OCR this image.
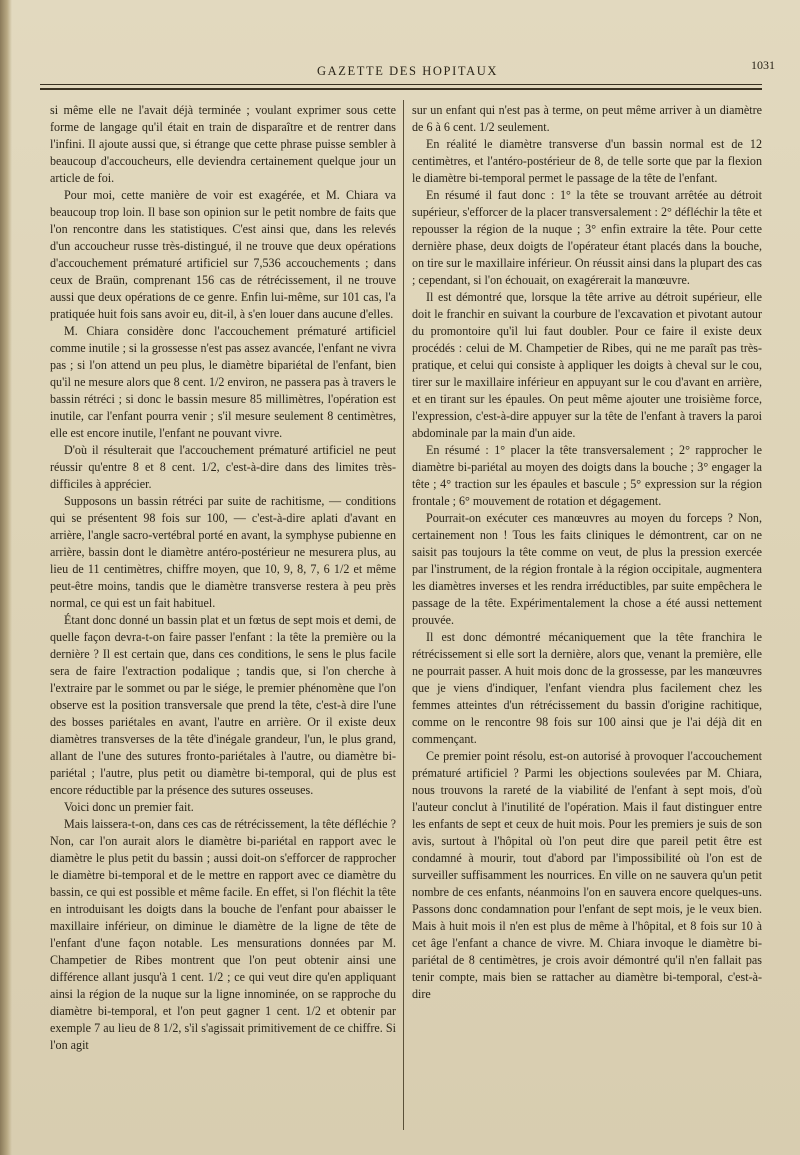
GAZETTE DES HOPITAUX	1031

si même elle ne l'avait déjà terminée ; voulant exprimer sous cette forme de langage qu'il était en train de disparaître et de rentrer dans l'infini. Il ajoute aussi que, si étrange que cette phrase puisse sembler à beaucoup d'accoucheurs, elle deviendra certainement quelque jour un article de foi.

Pour moi, cette manière de voir est exagérée, et M. Chiara va beaucoup trop loin. Il base son opinion sur le petit nombre de faits que l'on rencontre dans les statistiques. C'est ainsi que, dans les relevés d'un accoucheur russe très-distingué, il ne trouve que deux opérations d'accouchement prématuré artificiel sur 7,536 accouchements ; dans ceux de Braün, comprenant 156 cas de rétrécissement, il ne trouve aussi que deux opérations de ce genre. Enfin lui-même, sur 101 cas, l'a pratiquée huit fois sans avoir eu, dit-il, à s'en louer dans aucune d'elles.

M. Chiara considère donc l'accouchement prématuré artificiel comme inutile ; si la grossesse n'est pas assez avancée, l'enfant ne vivra pas ; si l'on attend un peu plus, le diamètre bipariétal de l'enfant, bien qu'il ne mesure alors que 8 cent. 1/2 environ, ne passera pas à travers le bassin rétréci ; si donc le bassin mesure 85 millimètres, l'opération est inutile, car l'enfant pourra venir ; s'il mesure seulement 8 centimètres, elle est encore inutile, l'enfant ne pouvant vivre.

D'où il résulterait que l'accouchement prématuré artificiel ne peut réussir qu'entre 8 et 8 cent. 1/2, c'est-à-dire dans des limites très-difficiles à apprécier.

Supposons un bassin rétréci par suite de rachitisme, — conditions qui se présentent 98 fois sur 100, — c'est-à-dire aplati d'avant en arrière, l'angle sacro-vertébral porté en avant, la symphyse pubienne en arrière, bassin dont le diamètre antéro-postérieur ne mesurera plus, au lieu de 11 centimètres, chiffre moyen, que 10, 9, 8, 7, 6 1/2 et même peut-être moins, tandis que le diamètre transverse restera à peu près normal, ce qui est un fait habituel.

Étant donc donné un bassin plat et un fœtus de sept mois et demi, de quelle façon devra-t-on faire passer l'enfant : la tête la première ou la dernière ? Il est certain que, dans ces conditions, le sens le plus facile sera de faire l'extraction podalique ; tandis que, si l'on cherche à l'extraire par le sommet ou par le siége, le premier phénomène que l'on observe est la position transversale que prend la tête, c'est-à dire l'une des bosses pariétales en avant, l'autre en arrière. Or il existe deux diamètres transverses de la tête d'inégale grandeur, l'un, le plus grand, allant de l'une des sutures fronto-pariétales à l'autre, ou diamètre bi-pariétal ; l'autre, plus petit ou diamètre bi-temporal, qui de plus est encore réductible par la présence des sutures osseuses.

Voici donc un premier fait.

Mais laissera-t-on, dans ces cas de rétrécissement, la tête défléchie ? Non, car l'on aurait alors le diamètre bi-pariétal en rapport avec le diamètre le plus petit du bassin ; aussi doit-on s'efforcer de rapprocher le diamètre bi-temporal et de le mettre en rapport avec ce diamètre du bassin, ce qui est possible et même facile. En effet, si l'on fléchit la tête en introduisant les doigts dans la bouche de l'enfant pour abaisser le maxillaire inférieur, on diminue le diamètre de la ligne de tête de l'enfant d'une façon notable. Les mensurations données par M. Champetier de Ribes montrent que l'on peut obtenir ainsi une différence allant jusqu'à 1 cent. 1/2 ; ce qui veut dire qu'en appliquant ainsi la région de la nuque sur la ligne innominée, on se rapproche du diamètre bi-temporal, et l'on peut gagner 1 cent. 1/2 et obtenir par exemple 7 au lieu de 8 1/2, s'il s'agissait primitivement de ce chiffre. Si l'on agit

sur un enfant qui n'est pas à terme, on peut même arriver à un diamètre de 6 à 6 cent. 1/2 seulement.

En réalité le diamètre transverse d'un bassin normal est de 12 centimètres, et l'antéro-postérieur de 8, de telle sorte que par la flexion le diamètre bi-temporal permet le passage de la tête de l'enfant.

En résumé il faut donc : 1° la tête se trouvant arrêtée au détroit supérieur, s'efforcer de la placer transversalement : 2° défléchir la tête et repousser la région de la nuque ; 3° enfin extraire la tête. Pour cette dernière phase, deux doigts de l'opérateur étant placés dans la bouche, on tire sur le maxillaire inférieur. On réussit ainsi dans la plupart des cas ; cependant, si l'on échouait, on exagérerait la manœuvre.

Il est démontré que, lorsque la tête arrive au détroit supérieur, elle doit le franchir en suivant la courbure de l'excavation et pivotant autour du promontoire qu'il lui faut doubler. Pour ce faire il existe deux procédés : celui de M. Champetier de Ribes, qui ne me paraît pas très-pratique, et celui qui consiste à appliquer les doigts à cheval sur le cou, tirer sur le maxillaire inférieur en appuyant sur le cou d'avant en arrière, et en tirant sur les épaules. On peut même ajouter une troisième force, l'expression, c'est-à-dire appuyer sur la tête de l'enfant à travers la paroi abdominale par la main d'un aide.

En résumé : 1° placer la tête transversalement ; 2° rapprocher le diamètre bi-pariétal au moyen des doigts dans la bouche ; 3° engager la tête ; 4° traction sur les épaules et bascule ; 5° expression sur la région frontale ; 6° mouvement de rotation et dégagement.

Pourrait-on exécuter ces manœuvres au moyen du forceps ? Non, certainement non ! Tous les faits cliniques le démontrent, car on ne saisit pas toujours la tête comme on veut, de plus la pression exercée par l'instrument, de la région frontale à la région occipitale, augmentera les diamètres inverses et les rendra irréductibles, par suite empêchera le passage de la tête. Expérimentalement la chose a été aussi nettement prouvée.

Il est donc démontré mécaniquement que la tête franchira le rétrécissement si elle sort la dernière, alors que, venant la première, elle ne pourrait passer. A huit mois donc de la grossesse, par les manœuvres que je viens d'indiquer, l'enfant viendra plus facilement chez les femmes atteintes d'un rétrécissement du bassin d'origine rachitique, comme on le rencontre 98 fois sur 100 ainsi que je l'ai déjà dit en commençant.

Ce premier point résolu, est-on autorisé à provoquer l'accouchement prématuré artificiel ? Parmi les objections soulevées par M. Chiara, nous trouvons la rareté de la viabilité de l'enfant à sept mois, d'où l'auteur conclut à l'inutilité de l'opération. Mais il faut distinguer entre les enfants de sept et ceux de huit mois. Pour les premiers je suis de son avis, surtout à l'hôpital où l'on peut dire que pareil petit être est condamné à mourir, tout d'abord par l'impossibilité où l'on est de surveiller suffisamment les nourrices. En ville on ne sauvera qu'un petit nombre de ces enfants, néanmoins l'on en sauvera encore quelques-uns. Passons donc condamnation pour l'enfant de sept mois, je le veux bien. Mais à huit mois il n'en est plus de même à l'hôpital, et 8 fois sur 10 à cet âge l'enfant a chance de vivre. M. Chiara invoque le diamètre bi-pariétal de 8 centimètres, je crois avoir démontré qu'il n'en fallait pas tenir compte, mais bien se rattacher au diamètre bi-temporal, c'est-à-dire
